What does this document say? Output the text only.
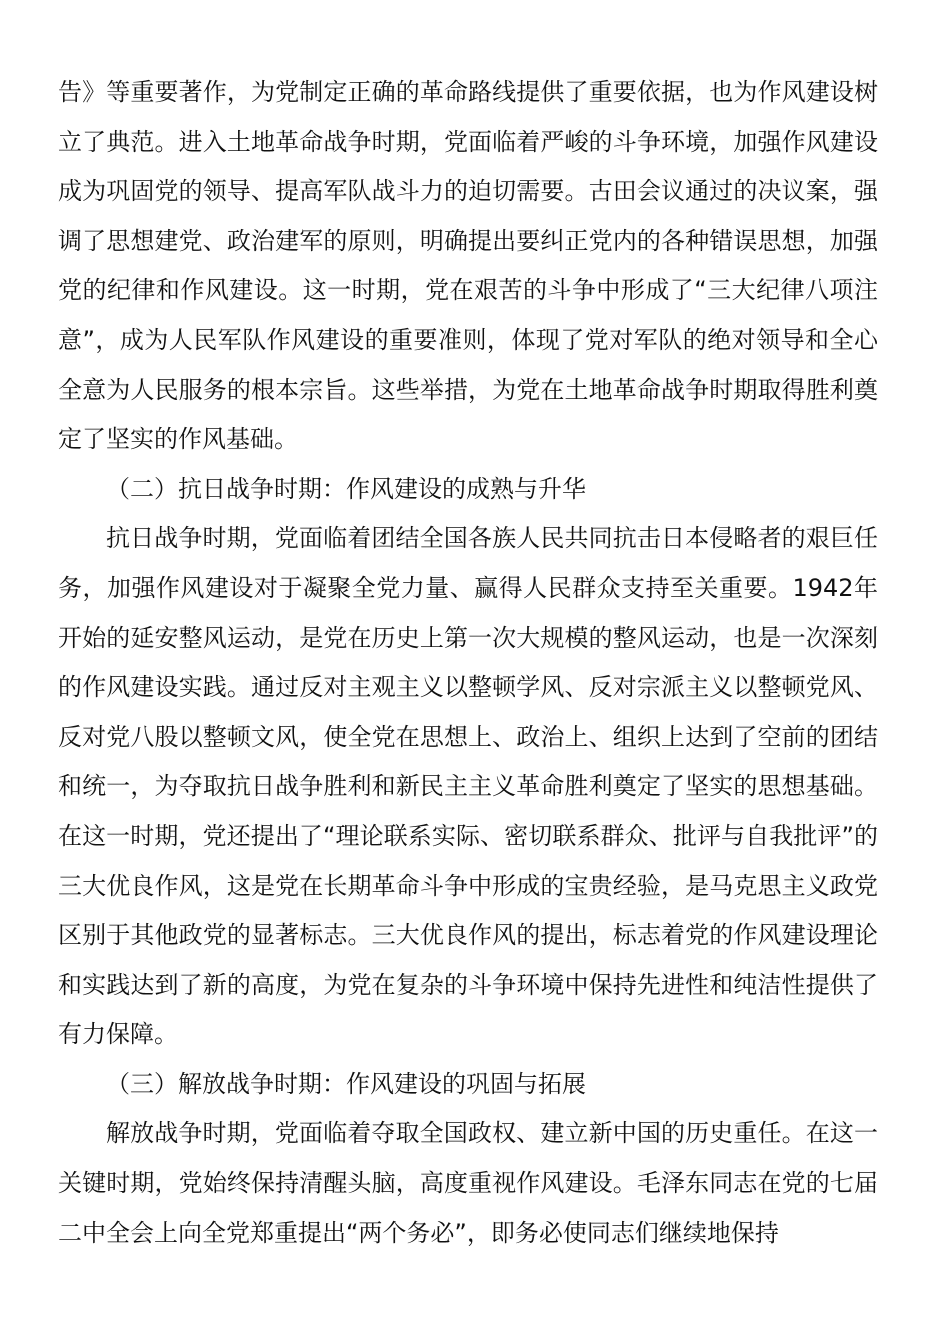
告》等重要著作，为党制定正确的革命路线提供了重要依据，也为作风建设树立了典范。进入土地革命战争时期，党面临着严峻的斗争环境，加强作风建设成为巩固党的领导、提高军队战斗力的迫切需要。古田会议通过的决议案，强调了思想建党、政治建军的原则，明确提出要纠正党内的各种错误思想，加强党的纪律和作风建设。这一时期，党在艰苦的斗争中形成了“三大纪律八项注意”，成为人民军队作风建设的重要准则，体现了党对军队的绝对领导和全心全意为人民服务的根本宗旨。这些举措，为党在土地革命战争时期取得胜利奠定了坚实的作风基础。

（二）抗日战争时期：作风建设的成熟与升华

抗日战争时期，党面临着团结全国各族人民共同抗击日本侵略者的艰巨任务，加强作风建设对于凝聚全党力量、赢得人民群众支持至关重要。1942年开始的延安整风运动，是党在历史上第一次大规模的整风运动，也是一次深刻的作风建设实践。通过反对主观主义以整顿学风、反对宗派主义以整顿党风、反对党八股以整顿文风，使全党在思想上、政治上、组织上达到了空前的团结和统一，为夺取抗日战争胜利和新民主主义革命胜利奠定了坚实的思想基础。在这一时期，党还提出了“理论联系实际、密切联系群众、批评与自我批评”的三大优良作风，这是党在长期革命斗争中形成的宝贵经验，是马克思主义政党区别于其他政党的显著标志。三大优良作风的提出，标志着党的作风建设理论和实践达到了新的高度，为党在复杂的斗争环境中保持先进性和纯洁性提供了有力保障。

（三）解放战争时期：作风建设的巩固与拓展

解放战争时期，党面临着夺取全国政权、建立新中国的历史重任。在这一关键时期，党始终保持清醒头脑，高度重视作风建设。毛泽东同志在党的七届二中全会上向全党郑重提出“两个务必”，即务必使同志们继续地保持
